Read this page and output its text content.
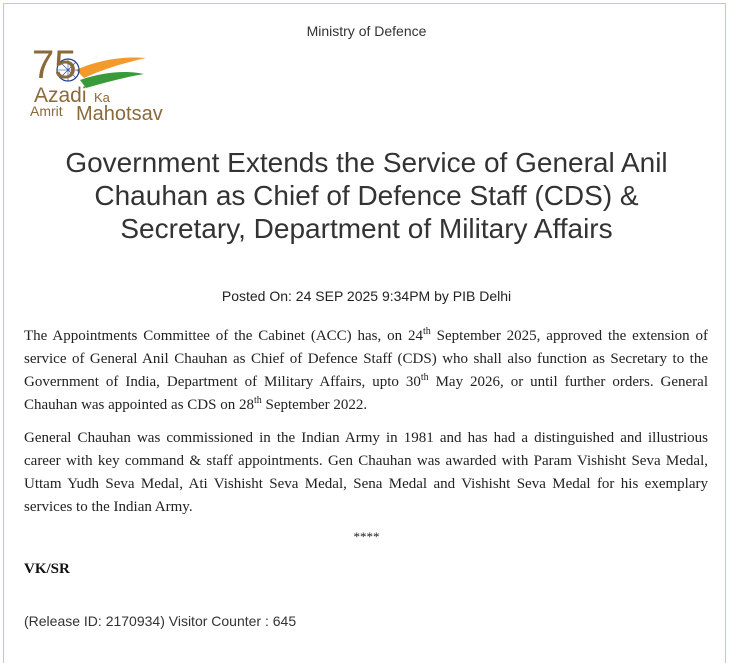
Ministry of Defence
75
Azadi Ka
Amrit Mahotsav
Government Extends the Service of General Anil Chauhan as Chief of Defence Staff (CDS) & Secretary, Department of Military Affairs
Posted On: 24 SEP 2025 9:34PM by PIB Delhi

The Appointments Committee of the Cabinet (ACC) has, on 24th September 2025, approved the extension of service of General Anil Chauhan as Chief of Defence Staff (CDS) who shall also function as Secretary to the Government of India, Department of Military Affairs, upto 30th May 2026, or until further orders. General Chauhan was appointed as CDS on 28th September 2022.

General Chauhan was commissioned in the Indian Army in 1981 and has had a distinguished and illustrious career with key command & staff appointments. Gen Chauhan was awarded with Param Vishisht Seva Medal, Uttam Yudh Seva Medal, Ati Vishisht Seva Medal, Sena Medal and Vishisht Seva Medal for his exemplary services to the Indian Army.

****
VK/SR
(Release ID: 2170934) Visitor Counter : 645
